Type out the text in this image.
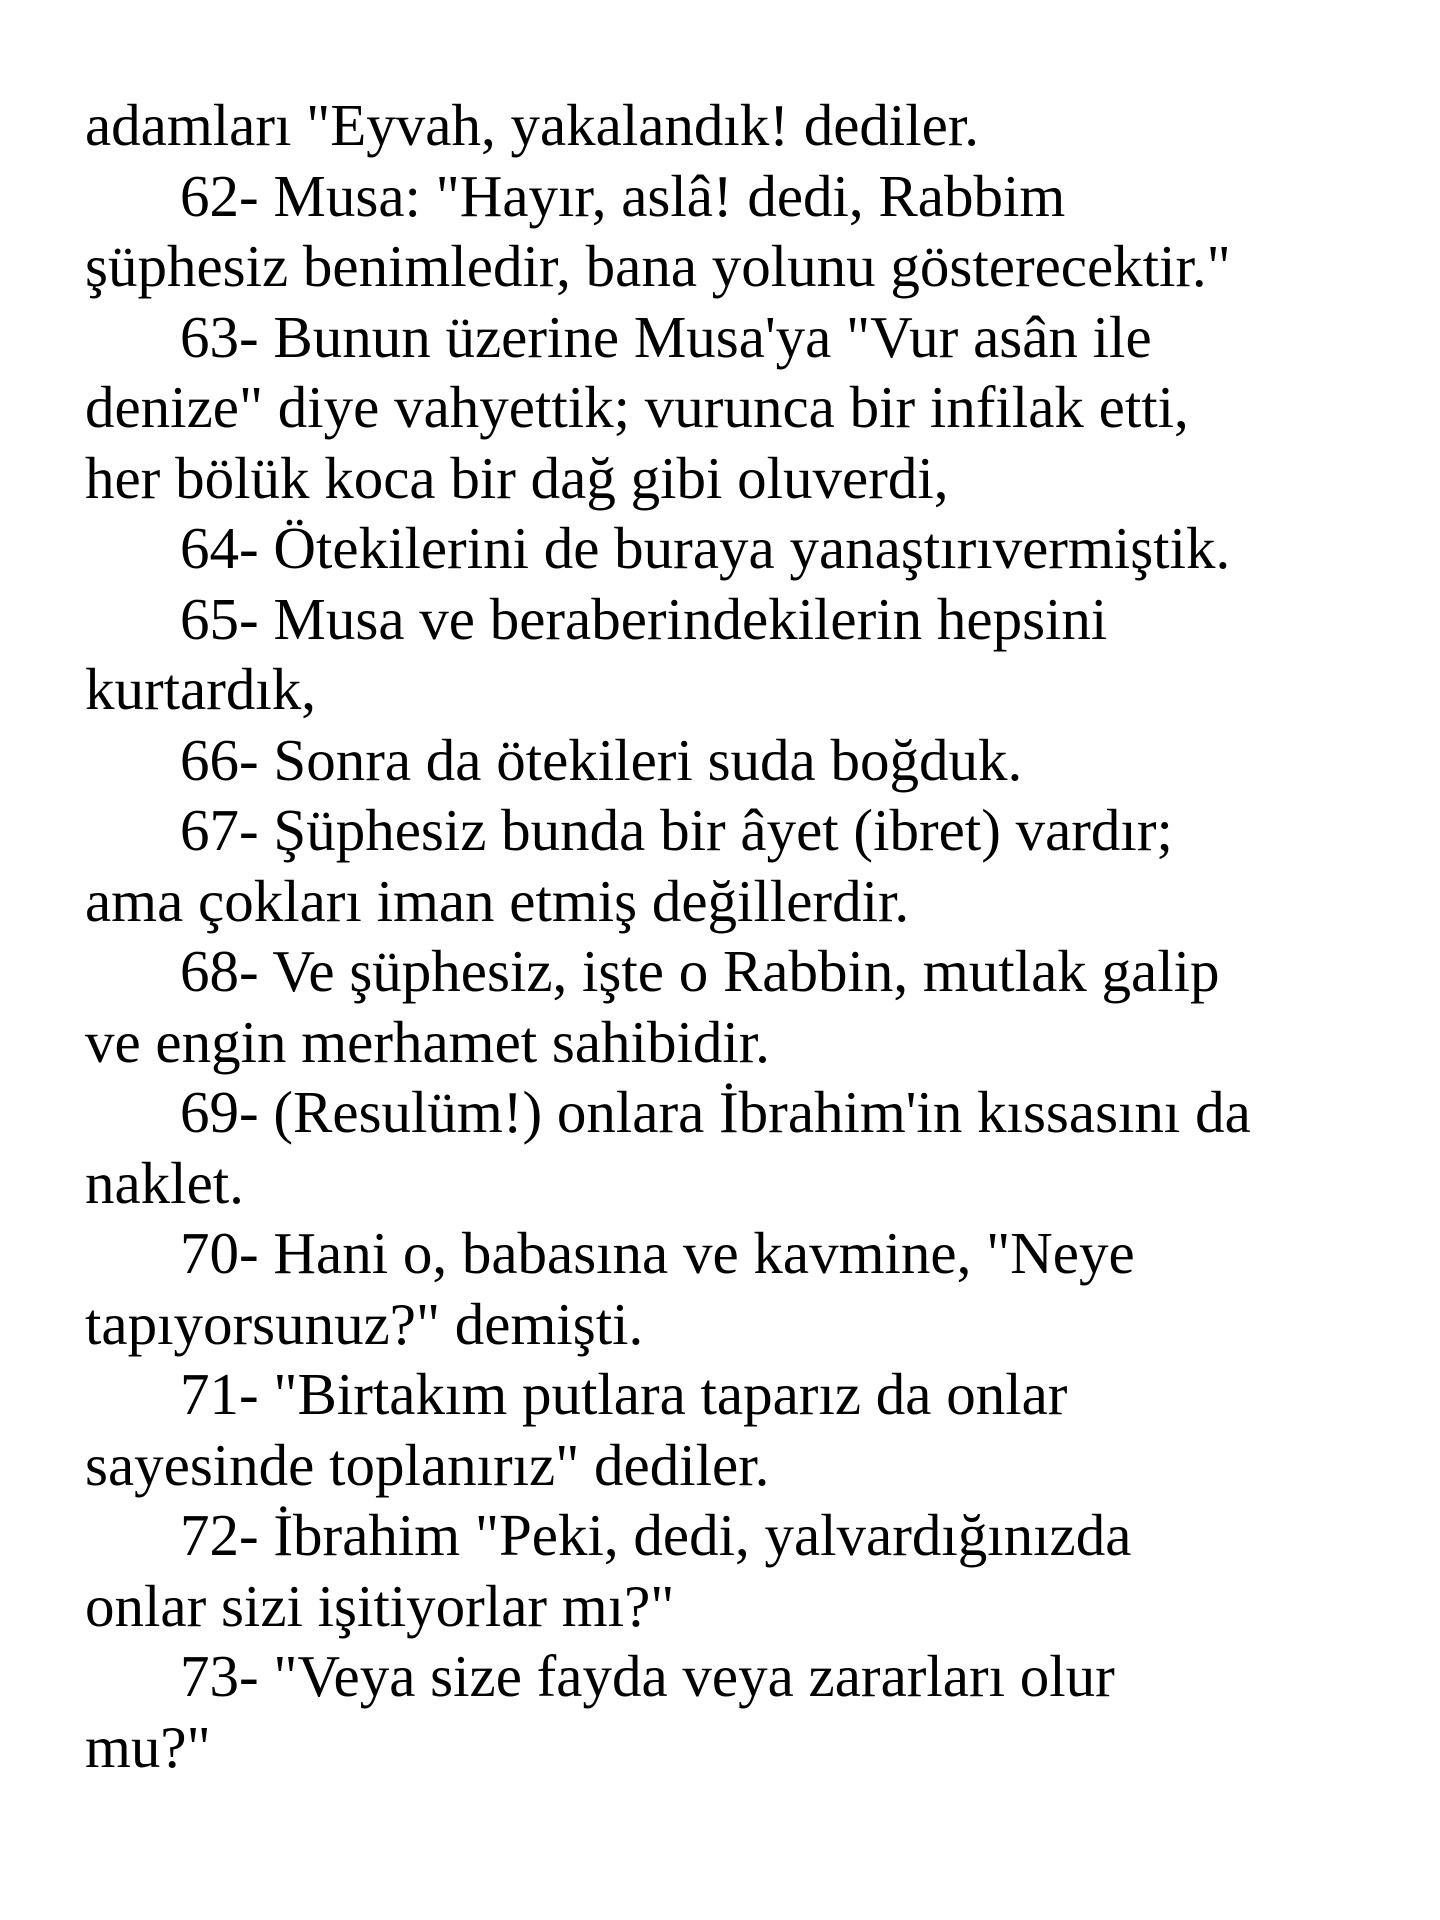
adamları "Eyvah, yakalandık! dediler.
62- Musa: "Hayır, aslâ! dedi, Rabbim
şüphesiz benimledir, bana yolunu gösterecektir."
63- Bunun üzerine Musa'ya "Vur asân ile
denize" diye vahyettik; vurunca bir infilak etti,
her bölük koca bir dağ gibi oluverdi,
64- Ötekilerini de buraya yanaştırıvermiştik.
65- Musa ve beraberindekilerin hepsini
kurtardık,
66- Sonra da ötekileri suda boğduk.
67- Şüphesiz bunda bir âyet (ibret) vardır;
ama çokları iman etmiş değillerdir.
68- Ve şüphesiz, işte o Rabbin, mutlak galip
ve engin merhamet sahibidir.
69- (Resulüm!) onlara İbrahim'in kıssasını da
naklet.
70- Hani o, babasına ve kavmine, "Neye
tapıyorsunuz?" demişti.
71- "Birtakım putlara taparız da onlar
sayesinde toplanırız" dediler.
72- İbrahim "Peki, dedi, yalvardığınızda
onlar sizi işitiyorlar mı?"
73- "Veya size fayda veya zararları olur
mu?"
